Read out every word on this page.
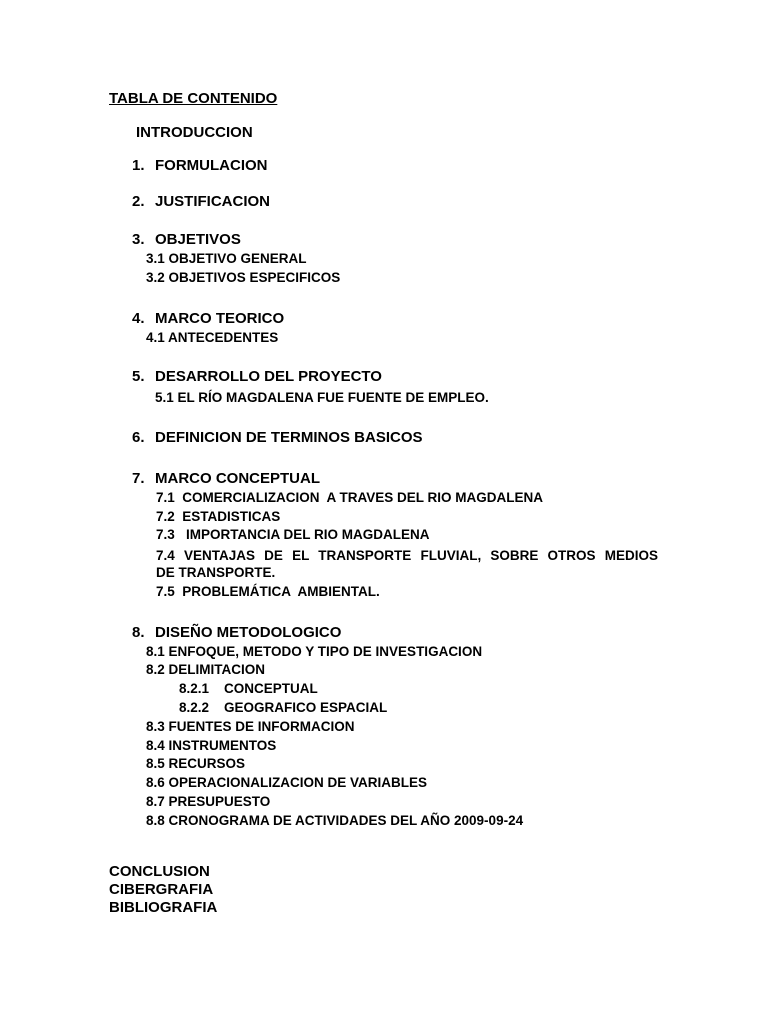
TABLA DE CONTENIDO
INTRODUCCION
1. FORMULACION
2. JUSTIFICACION
3. OBJETIVOS
3.1 OBJETIVO GENERAL
3.2 OBJETIVOS ESPECIFICOS
4. MARCO TEORICO
4.1 ANTECEDENTES
5. DESARROLLO DEL PROYECTO
5.1 EL RÍO MAGDALENA FUE FUENTE DE EMPLEO.
6. DEFINICION DE TERMINOS BASICOS
7. MARCO CONCEPTUAL
7.1  COMERCIALIZACION  A TRAVES DEL RIO MAGDALENA
7.2  ESTADISTICAS
7.3   IMPORTANCIA DEL RIO MAGDALENA
7.4 VENTAJAS DE EL TRANSPORTE FLUVIAL, SOBRE OTROS MEDIOS
DE TRANSPORTE.
7.5  PROBLEMÁTICA  AMBIENTAL.
8. DISEÑO METODOLOGICO
8.1 ENFOQUE, METODO Y TIPO DE INVESTIGACION
8.2 DELIMITACION
8.2.1    CONCEPTUAL
8.2.2    GEOGRAFICO ESPACIAL
8.3 FUENTES DE INFORMACION
8.4 INSTRUMENTOS
8.5 RECURSOS
8.6 OPERACIONALIZACION DE VARIABLES
8.7 PRESUPUESTO
8.8 CRONOGRAMA DE ACTIVIDADES DEL AÑO 2009-09-24
CONCLUSION
CIBERGRAFIA
BIBLIOGRAFIA
